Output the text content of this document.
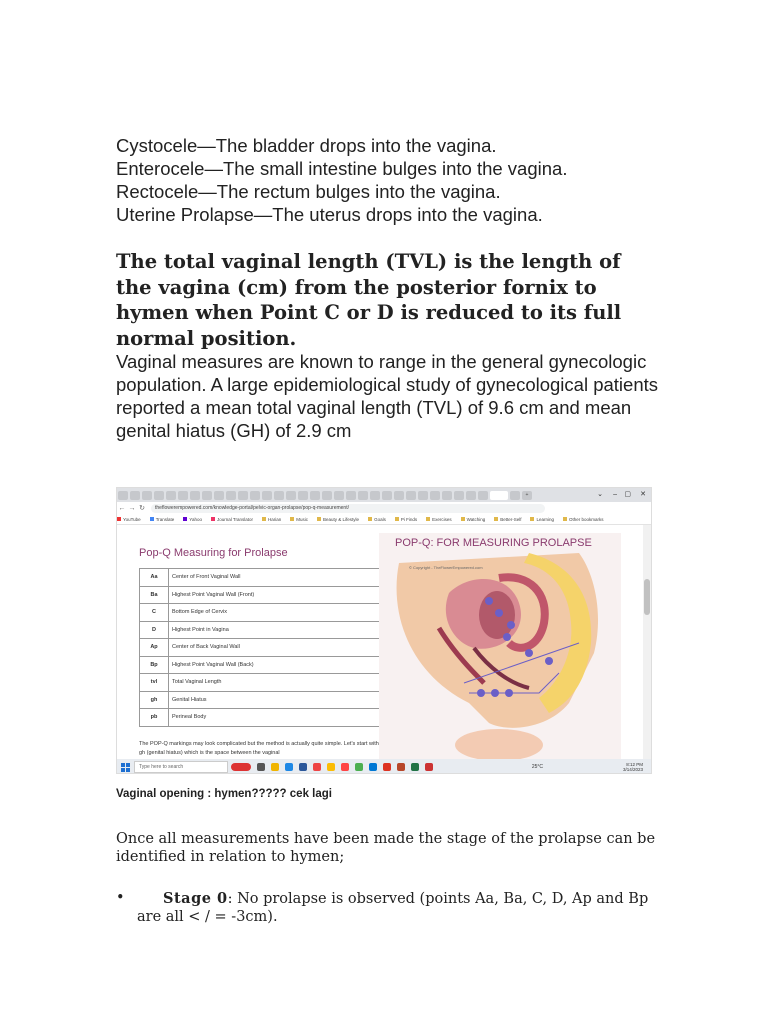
Cystocele—The bladder drops into the vagina.
Enterocele—The small intestine bulges into the vagina.
Rectocele—The rectum bulges into the vagina.
Uterine Prolapse—The uterus drops into the vagina.
The total vaginal length (TVL) is the length of the vagina (cm) from the posterior fornix to hymen when Point C or D is reduced to its full normal position.
Vaginal measures are known to range in the general gynecologic population. A large epidemiological study of gynecological patients reported a mean total vaginal length (TVL) of 9.6 cm and mean genital hiatus (GH) of 2.9 cm
+	⌄ – ▢ ✕
← → ↻	theflowerempowered.com/knowledge-portal/pelvic-organ-prolapse/pop-q-measurement/
YouTube	Translate	Yahoo	Journal Translator	Harian	Music	Beauty & Lifestyle	Goals	Pi Finds	Exercises	Watching	Better-Self	Learning	Other bookmarks
Pop-Q Measuring for Prolapse
Aa	Center of Front Vaginal Wall
Ba	Highest Point Vaginal Wall (Front)
C	Bottom Edge of Cervix
D	Highest Point in Vagina
Ap	Center of Back Vaginal Wall
Bp	Highest Point Vaginal Wall (Back)
tvl	Total Vaginal Length
gh	Genital Hiatus
pb	Perineal Body
The POP-Q markings may look complicated but the method is actually quite simple. Let's start with gh (genital hiatus) which is the space between the vaginal
© Copyright - TheFlowerEmpowered.com
POP-Q: FOR MEASURING PROLAPSE
Type here to search	25°C	8:12 PM
3/14/2023
Vaginal opening : hymen????? cek lagi
Once all measurements have been made the stage of the prolapse can be identified in relation to hymen;
•	Stage 0: No prolapse is observed (points Aa, Ba, C, D, Ap and Bp are all < / = -3cm).
